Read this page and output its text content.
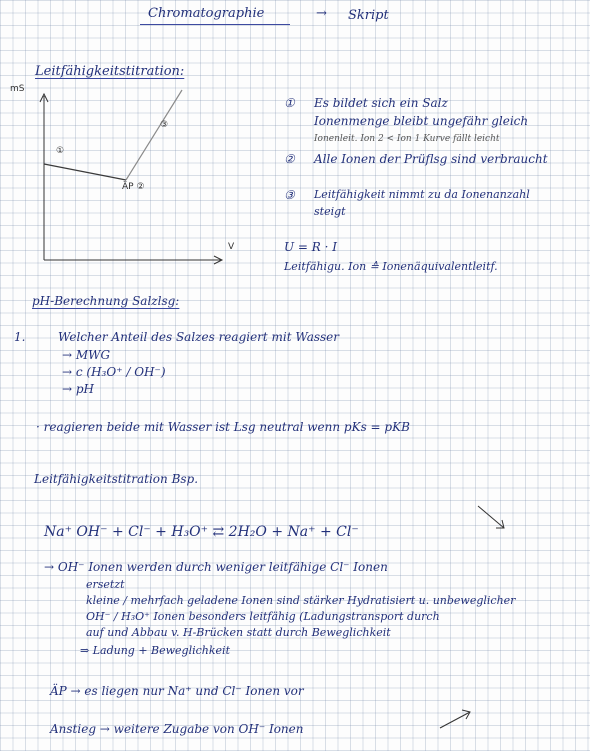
Chromatographie	→ Skript
Leitfähigkeitstitration:
mS
V
①
ÄP ②
③
① Es bildet sich ein Salz
Ionenmenge bleibt ungefähr gleich
Ionenleit. Ion 2 < Ion 1 Kurve fällt leicht
② Alle Ionen der Prüflsg sind verbraucht
③ Leitfähigkeit nimmt zu da Ionenanzahl
steigt
U = R · I
Leitfähigu. Ion ≙ Ionenäquivalentleitf.
pH-Berechnung Salzlsg:
1.	Welcher Anteil des Salzes reagiert mit Wasser
→ MWG
→ c (H₃O⁺ / OH⁻)
→ pH
· reagieren beide mit Wasser ist Lsg neutral wenn pKs = pKB
Leitfähigkeitstitration Bsp.
Na⁺ OH⁻ + Cl⁻ + H₃O⁺ ⇄ 2H₂O + Na⁺ + Cl⁻
→ OH⁻ Ionen werden durch weniger leitfähige Cl⁻ Ionen
ersetzt
kleine / mehrfach geladene Ionen sind stärker Hydratisiert u. unbeweglicher
OH⁻ / H₃O⁺ Ionen besonders leitfähig (Ladungstransport durch
auf und Abbau v. H-Brücken statt durch Beweglichkeit
⇒ Ladung + Beweglichkeit
ÄP → es liegen nur Na⁺ und Cl⁻ Ionen vor
Anstieg → weitere Zugabe von OH⁻ Ionen
